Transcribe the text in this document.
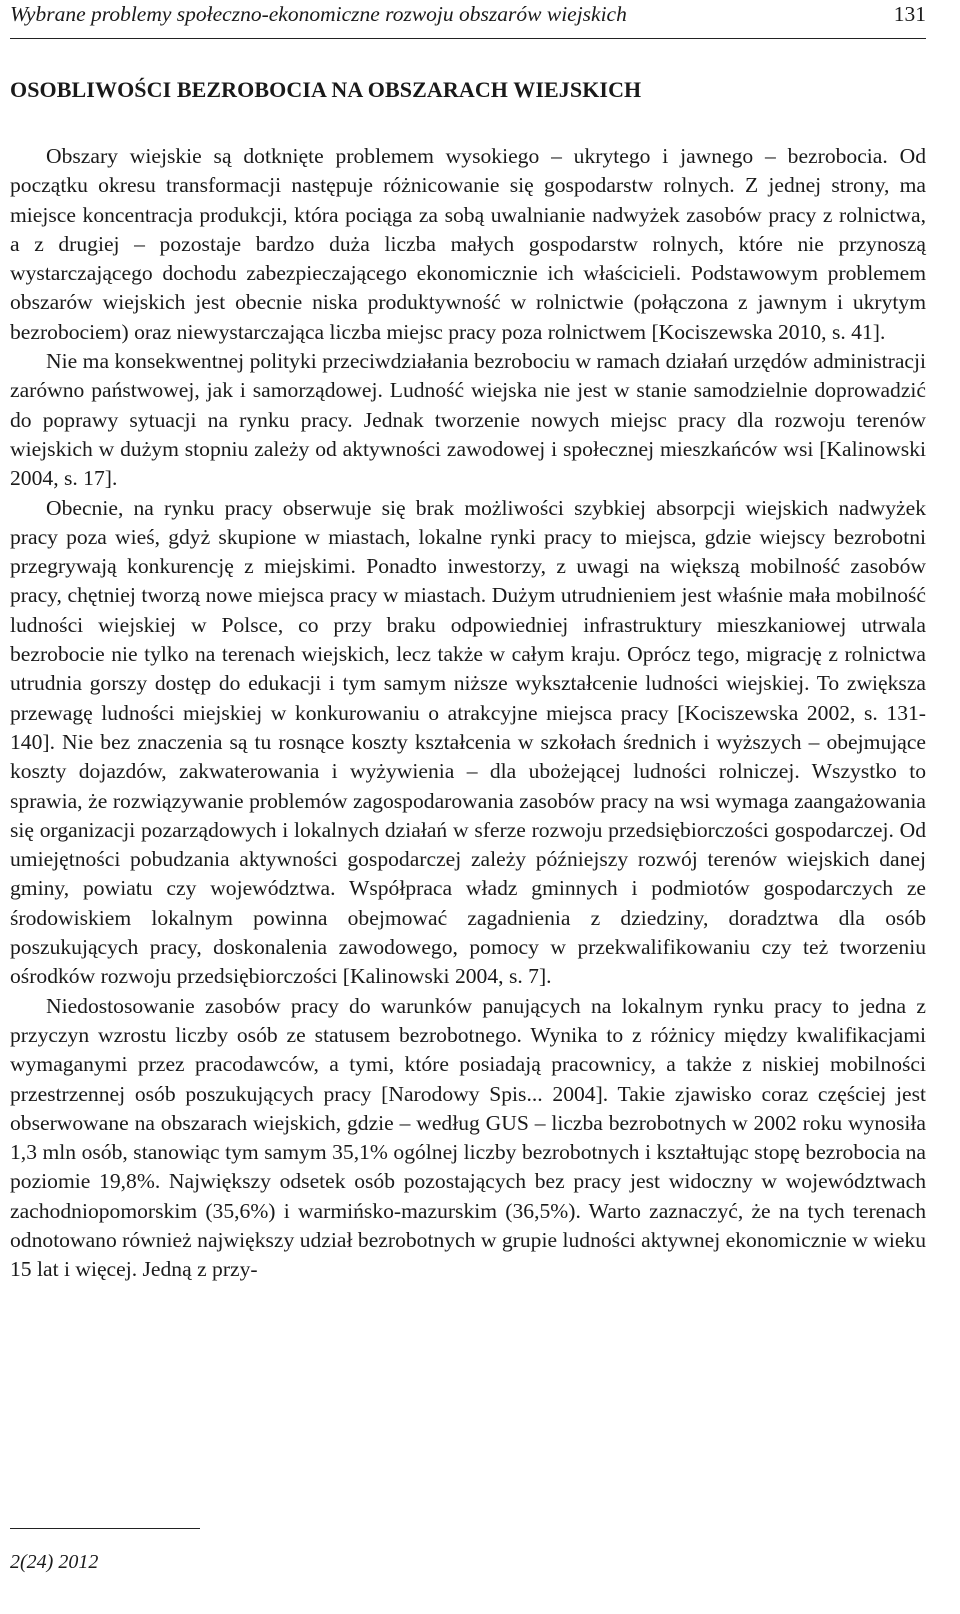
Wybrane problemy społeczno-ekonomiczne rozwoju obszarów wiejskich	131
OSOBLIWOŚCI BEZROBOCIA NA OBSZARACH WIEJSKICH

Obszary wiejskie są dotknięte problemem wysokiego – ukrytego i jawnego – bezrobocia. Od początku okresu transformacji następuje różnicowanie się gospodarstw rolnych. Z jednej strony, ma miejsce koncentracja produkcji, która pociąga za sobą uwalnianie nadwyżek zasobów pracy z rolnictwa, a z drugiej – pozostaje bardzo duża liczba małych gospodarstw rolnych, które nie przynoszą wystarczającego dochodu zabezpieczającego ekonomicznie ich właścicieli. Podstawowym problemem obszarów wiejskich jest obecnie niska produktywność w rolnictwie (połączona z jawnym i ukrytym bezrobociem) oraz niewystarczająca liczba miejsc pracy poza rolnictwem [Kociszewska 2010, s. 41].

Nie ma konsekwentnej polityki przeciwdziałania bezrobociu w ramach działań urzędów administracji zarówno państwowej, jak i samorządowej. Ludność wiejska nie jest w stanie samodzielnie doprowadzić do poprawy sytuacji na rynku pracy. Jednak tworzenie nowych miejsc pracy dla rozwoju terenów wiejskich w dużym stopniu zależy od aktywności zawodowej i społecznej mieszkańców wsi [Kalinowski 2004, s. 17].

Obecnie, na rynku pracy obserwuje się brak możliwości szybkiej absorpcji wiejskich nadwyżek pracy poza wieś, gdyż skupione w miastach, lokalne rynki pracy to miejsca, gdzie wiejscy bezrobotni przegrywają konkurencję z miejskimi. Ponadto inwestorzy, z uwagi na większą mobilność zasobów pracy, chętniej tworzą nowe miejsca pracy w miastach. Dużym utrudnieniem jest właśnie mała mobilność ludności wiejskiej w Polsce, co przy braku odpowiedniej infrastruktury mieszkaniowej utrwala bezrobocie nie tylko na terenach wiejskich, lecz także w całym kraju. Oprócz tego, migrację z rolnictwa utrudnia gorszy dostęp do edukacji i tym samym niższe wykształcenie ludności wiejskiej. To zwiększa przewagę ludności miejskiej w konkurowaniu o atrakcyjne miejsca pracy [Kociszewska 2002, s. 131-140]. Nie bez znaczenia są tu rosnące koszty kształcenia w szkołach średnich i wyższych – obejmujące koszty dojazdów, zakwaterowania i wyżywienia – dla ubożejącej ludności rolniczej. Wszystko to sprawia, że rozwiązywanie problemów zagospodarowania zasobów pracy na wsi wymaga zaangażowania się organizacji pozarządowych i lokalnych działań w sferze rozwoju przedsiębiorczości gospodarczej. Od umiejętności pobudzania aktywności gospodarczej zależy późniejszy rozwój terenów wiejskich danej gminy, powiatu czy województwa. Współpraca władz gminnych i podmiotów gospodarczych ze środowiskiem lokalnym powinna obejmować zagadnienia z dziedziny, doradztwa dla osób poszukujących pracy, doskonalenia zawodowego, pomocy w przekwalifikowaniu czy też tworzeniu ośrodków rozwoju przedsiębiorczości [Kalinowski 2004, s. 7].

Niedostosowanie zasobów pracy do warunków panujących na lokalnym rynku pracy to jedna z przyczyn wzrostu liczby osób ze statusem bezrobotnego. Wynika to z różnicy między kwalifikacjami wymaganymi przez pracodawców, a tymi, które posiadają pracownicy, a także z niskiej mobilności przestrzennej osób poszukujących pracy [Narodowy Spis... 2004]. Takie zjawisko coraz częściej jest obserwowane na obszarach wiejskich, gdzie – według GUS – liczba bezrobotnych w 2002 roku wynosiła 1,3 mln osób, stanowiąc tym samym 35,1% ogólnej liczby bezrobotnych i kształtując stopę bezrobocia na poziomie 19,8%. Największy odsetek osób pozostających bez pracy jest widoczny w województwach zachodniopomorskim (35,6%) i warmińsko-mazurskim (36,5%). Warto zaznaczyć, że na tych terenach odnotowano również największy udział bezrobotnych w grupie ludności aktywnej ekonomicznie w wieku 15 lat i więcej. Jedną z przy-

2(24) 2012
